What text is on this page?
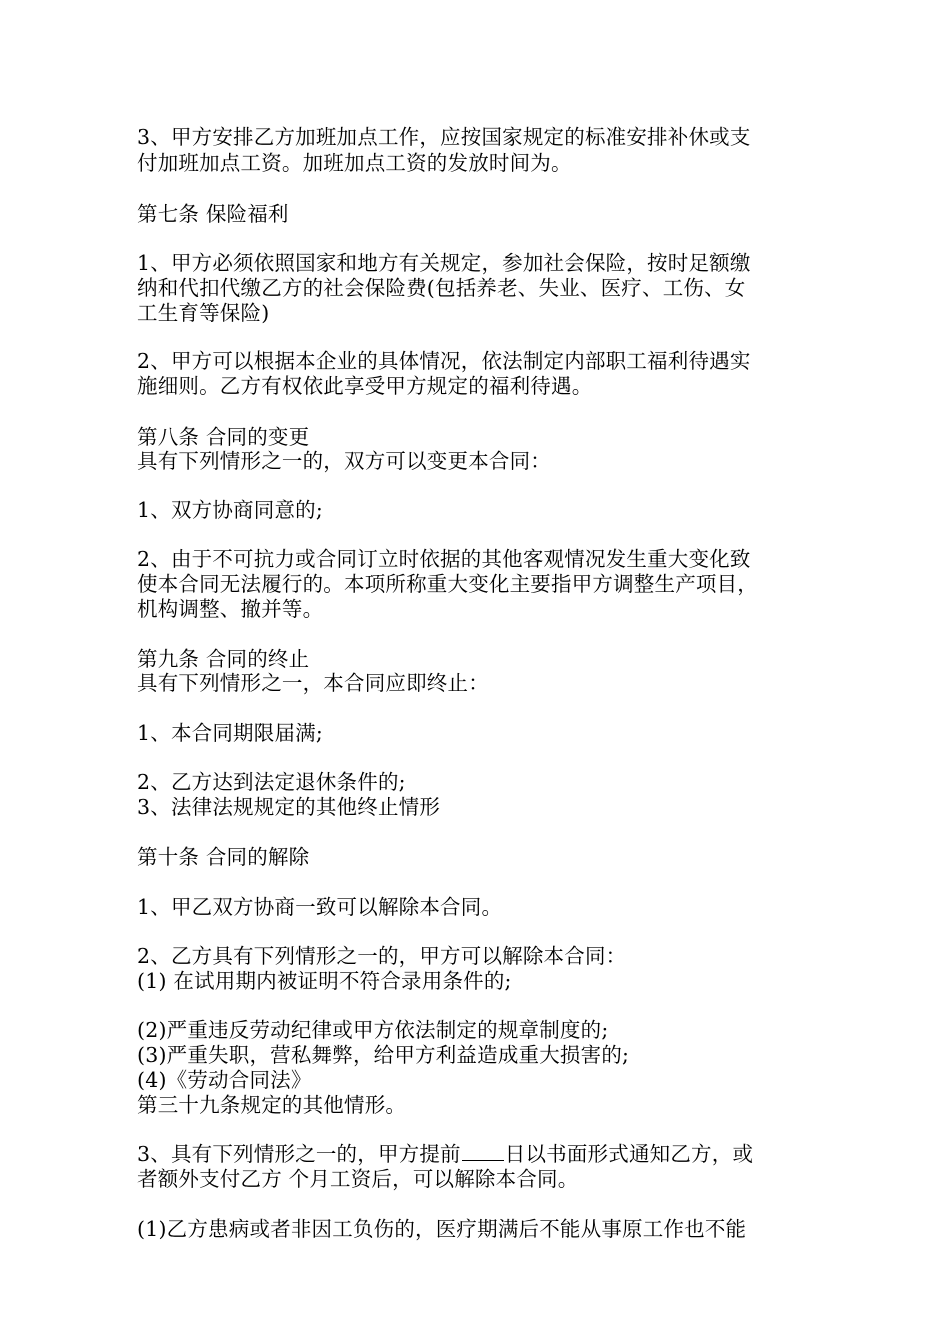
3、甲方安排乙方加班加点工作，应按国家规定的标准安排补休或支
付加班加点工资。加班加点工资的发放时间为。
第七条 保险福利
1、甲方必须依照国家和地方有关规定，参加社会保险，按时足额缴
纳和代扣代缴乙方的社会保险费(包括养老、失业、医疗、工伤、女
工生育等保险)
2、甲方可以根据本企业的具体情况，依法制定内部职工福利待遇实
施细则。乙方有权依此享受甲方规定的福利待遇。
第八条 合同的变更
具有下列情形之一的，双方可以变更本合同：
1、双方协商同意的;
2、由于不可抗力或合同订立时依据的其他客观情况发生重大变化致
使本合同无法履行的。本项所称重大变化主要指甲方调整生产项目，
机构调整、撤并等。
第九条 合同的终止
具有下列情形之一，本合同应即终止：
1、本合同期限届满;
2、乙方达到法定退休条件的;
3、法律法规规定的其他终止情形
第十条 合同的解除
1、甲乙双方协商一致可以解除本合同。
2、乙方具有下列情形之一的，甲方可以解除本合同：
(1) 在试用期内被证明不符合录用条件的;
(2)严重违反劳动纪律或甲方依法制定的规章制度的;
(3)严重失职，营私舞弊，给甲方利益造成重大损害的;
(4)《劳动合同法》
第三十九条规定的其他情形。
3、具有下列情形之一的，甲方提前 日以书面形式通知乙方，或
者额外支付乙方 个月工资后，可以解除本合同。
(1)乙方患病或者非因工负伤的，医疗期满后不能从事原工作也不能
